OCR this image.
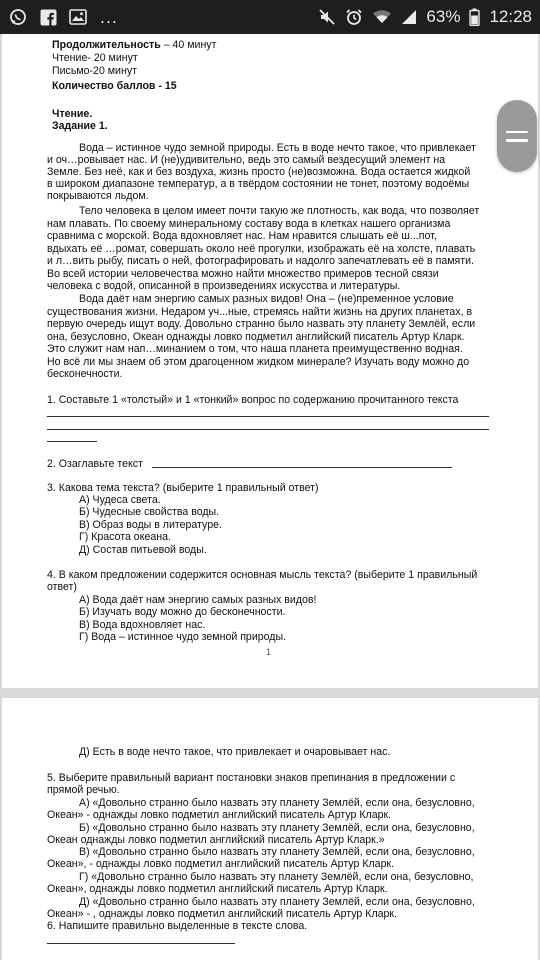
...	63% 12:28
Продолжительность – 40 минут
Чтение- 20 минут
Письмо-20 минут
Количество баллов - 15
Чтение.
Задание 1.
Вода – истинное чудо земной природы. Есть в воде нечто такое, что привлекает
и оч…ровывает нас. И (не)удивительно, ведь это самый вездесущий элемент на
Земле. Без неё, как и без воздуха, жизнь просто (не)возможна. Вода остается жидкой
в широком диапазоне температур, а в твёрдом состоянии не тонет, поэтому водоёмы
покрываются льдом.
Тело человека в целом имеет почти такую же плотность, как вода, что позволяет
нам плавать. По своему минеральному составу вода в клетках нашего организма
сравнима с морской. Вода вдохновляет нас. Нам нравится слышать её ш...пот,
вдыхать её …ромат, совершать около неё прогулки, изображать её на холсте, плавать
и л…вить рыбу, писать о ней, фотографировать и надолго запечатлевать её в памяти.
Во всей истории человечества можно найти множество примеров тесной связи
человека с водой, описанной в произведениях искусства и литературы.
Вода даёт нам энергию самых разных видов! Она – (не)пременное условие
существования жизни. Недаром уч...ные, стремясь найти жизнь на других планетах, в
первую очередь ищут воду. Довольно странно было назвать эту планету Землёй, если
она, безусловно, Океан однажды ловко подметил английский писатель Артур Кларк.
Это служит нам нап…минанием о том, что наша планета преимущественно водная.
Но всё ли мы знаем об этом драгоценном жидком минерале? Изучать воду можно до
бесконечности.
1. Составьте 1 «толстый» и 1 «тонкий» вопрос по содержанию прочитанного текста
2. Озаглавьте текст
3. Какова тема текста? (выберите 1 правильный ответ)
А) Чудеса света.
Б) Чудесные свойства воды.
В) Образ воды в литературе.
Г) Красота океана.
Д) Состав питьевой воды.
4. В каком предложении содержится основная мысль текста? (выберите 1 правильный
ответ)
А) Вода даёт нам энергию самых разных видов!
Б) Изучать воду можно до бесконечности.
В) Вода вдохновляет нас.
Г) Вода – истинное чудо земной природы.
1
Д) Есть в воде нечто такое, что привлекает и очаровывает нас.
5. Выберите правильный вариант постановки знаков препинания в предложении с
прямой речью.
А) «Довольно странно было назвать эту планету Землёй, если она, безусловно,
Океан» - однажды ловко подметил английский писатель Артур Кларк.
Б) «Довольно странно было назвать эту планету Землёй, если она, безусловно,
Океан однажды ловко подметил английский писатель Артур Кларк.»
В) «Довольно странно было назвать эту планету Землёй, если она, безусловно,
Океан», - однажды ловко подметил английский писатель Артур Кларк.
Г) «Довольно странно было назвать эту планету Землёй, если она, безусловно,
Океан», однажды ловко подметил английский писатель Артур Кларк.
Д) «Довольно странно было назвать эту планету Землёй, если она, безусловно,
Океан» - , однажды ловко подметил английский писатель Артур Кларк.
6. Напишите правильно выделенные в тексте слова.
